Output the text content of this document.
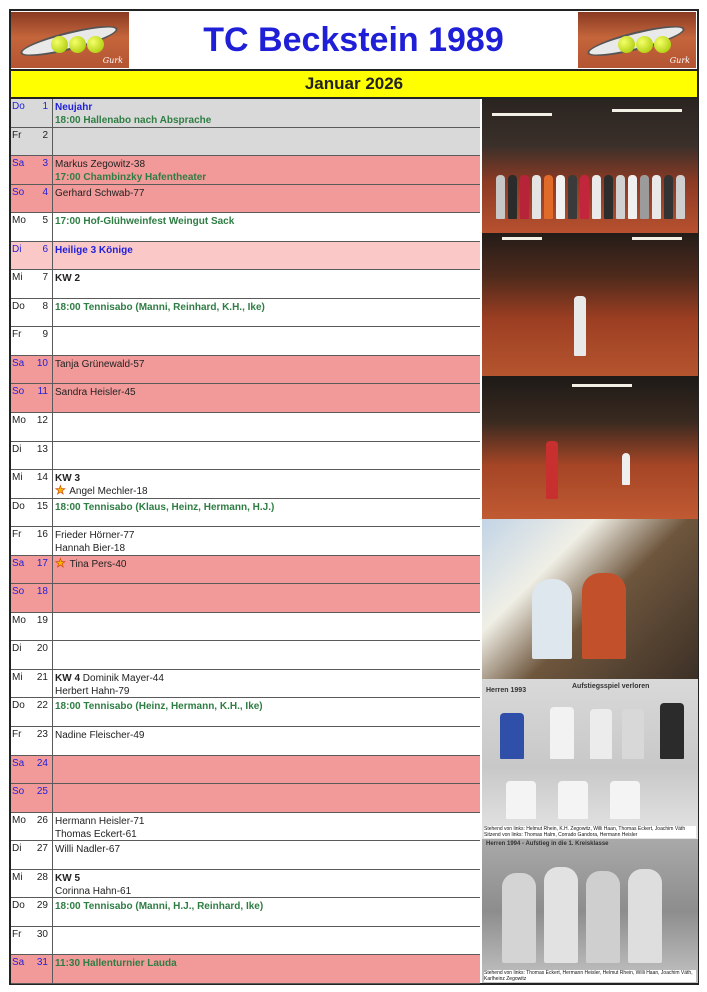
Gurk
TC Beckstein 1989
Gurk
Januar 2026
Do	1 Neujahr
18:00 Hallenabo nach Absprache
Fr	2
Sa	3 Markus Zegowitz-38
17:00 Chambinzky Hafentheater
So	4 Gerhard Schwab-77
Mo	5 17:00 Hof-Glühweinfest Weingut Sack
Di	6 Heilige 3 Könige
Mi	7 KW 2
Do	8 18:00 Tennisabo (Manni, Reinhard, K.H., Ike)
Fr	9
Sa	10 Tanja Grünewald-57
So	11 Sandra Heisler-45
Mo	12
Di	13
Mi	14 KW 3
★ Angel Mechler-18
Do	15 18:00 Tennisabo (Klaus, Heinz, Hermann, H.J.)
Fr	16 Frieder Hörner-77
Hannah Bier-18
Sa	17 ★ Tina Pers-40
So	18
Mo	19
Di	20
Mi	21 KW 4 Dominik Mayer-44
Herbert Hahn-79
Do	22 18:00 Tennisabo (Heinz, Hermann, K.H., Ike)
Fr	23 Nadine Fleischer-49
Sa	24
So	25
Mo	26 Hermann Heisler-71
Thomas Eckert-61
Di	27 Willi Nadler-67
Mi	28 KW 5
Corinna Hahn-61
Do	29 18:00 Tennisabo (Manni, H.J., Reinhard, Ike)
Fr	30
Sa	31 11:30 Hallenturnier Lauda
Herren 1993
Aufstiegsspiel verloren
Stehend von links: Helmut Rhein, K.H. Zegowitz, Willi Haan, Thomas Eckert, Joachim Väth Sitzend von links: Thomas Halm, Corrado Gandora, Hermann Heisler
Herren 1994 - Aufstieg in die 1. Kreisklasse
Stehend von links: Thomas Eckert, Hermann Heisler, Helmut Rhein, Willi Haan, Joachim Väth, Karlheinz Zegowitz
